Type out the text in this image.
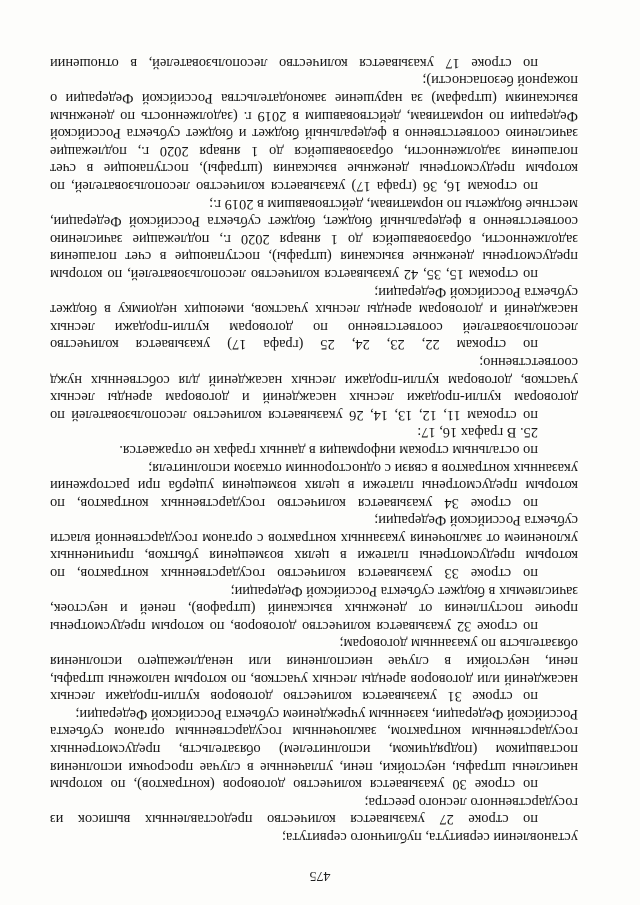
475
установлении сервитута, публичного сервитута;
по строке 27 указывается количество предоставленных выписок из
государственного лесного реестра;
по строке 30 указывается количество договоров (контрактов), по которым
начислены штрафы, неустойки, пени, уплаченные в случае просрочки исполнения
поставщиком (подрядчиком, исполнителем) обязательств, предусмотренных
государственным контрактом, заключенным государственным органом субъекта
Российской Федерации, казенным учреждением субъекта Российской Федерации;
по строке 31 указывается количество договоров купли-продажи лесных
насаждений или договоров аренды лесных участков, по которым наложены штрафы,
пени, неустойки в случае неисполнения или ненадлежащего исполнения
обязательств по указанным договорам;
по строке 32 указывается количество договоров, по которым предусмотрены
прочие поступления от денежных взысканий (штрафов), пеней и неустоек,
зачисляемых в бюджет субъекта Российской Федерации;
по строке 33 указывается количество государственных контрактов, по
которым предусмотрены платежи в целях возмещения убытков, причиненных
уклонением от заключения указанных контрактов с органом государственной власти
субъекта Российской Федерации;
по строке 34 указывается количество государственных контрактов, по
которым предусмотрены платежи в целях возмещения ущерба при расторжении
указанных контрактов в связи с односторонним отказом исполнителя;
по остальным строкам информация в данных графах не отражается.
25. В графах 16, 17:
по строкам 11, 12, 13, 14, 26 указывается количество лесопользователей по
договорам купли-продажи лесных насаждений и договорам аренды лесных
участков, договорам купли-продажи лесных насаждений для собственных нужд
соответственно;
по строкам 22, 23, 24, 25 (графа 17) указывается количество
лесопользователей соответственно по договорам купли-продажи лесных
насаждений и договорам аренды лесных участков, имеющих недоимку в бюджет
субъекта Российской Федерации;
по строкам 15, 35, 42 указывается количество лесопользователей, по которым
предусмотрены денежные взыскания (штрафы), поступающие в счет погашения
задолженности, образовавшейся до 1 января 2020 г., подлежащие зачислению
соответственно в федеральный бюджет, бюджет субъекта Российской Федерации,
местные бюджеты по нормативам, действовавшим в 2019 г.;
по строкам 16, 36 (графа 17) указывается количество лесопользователей, по
которым предусмотрены денежные взыскания (штрафы), поступающие в счет
погашения задолженности, образовавшейся до 1 января 2020 г., подлежащие
зачислению соответственно в федеральный бюджет и бюджет субъекта Российской
Федерации по нормативам, действовавшим в 2019 г. (задолженность по денежным
взысканиям (штрафам) за нарушение законодательства Российской Федерации о
пожарной безопасности);
по строке 17 указывается количество лесопользователей, в отношении
